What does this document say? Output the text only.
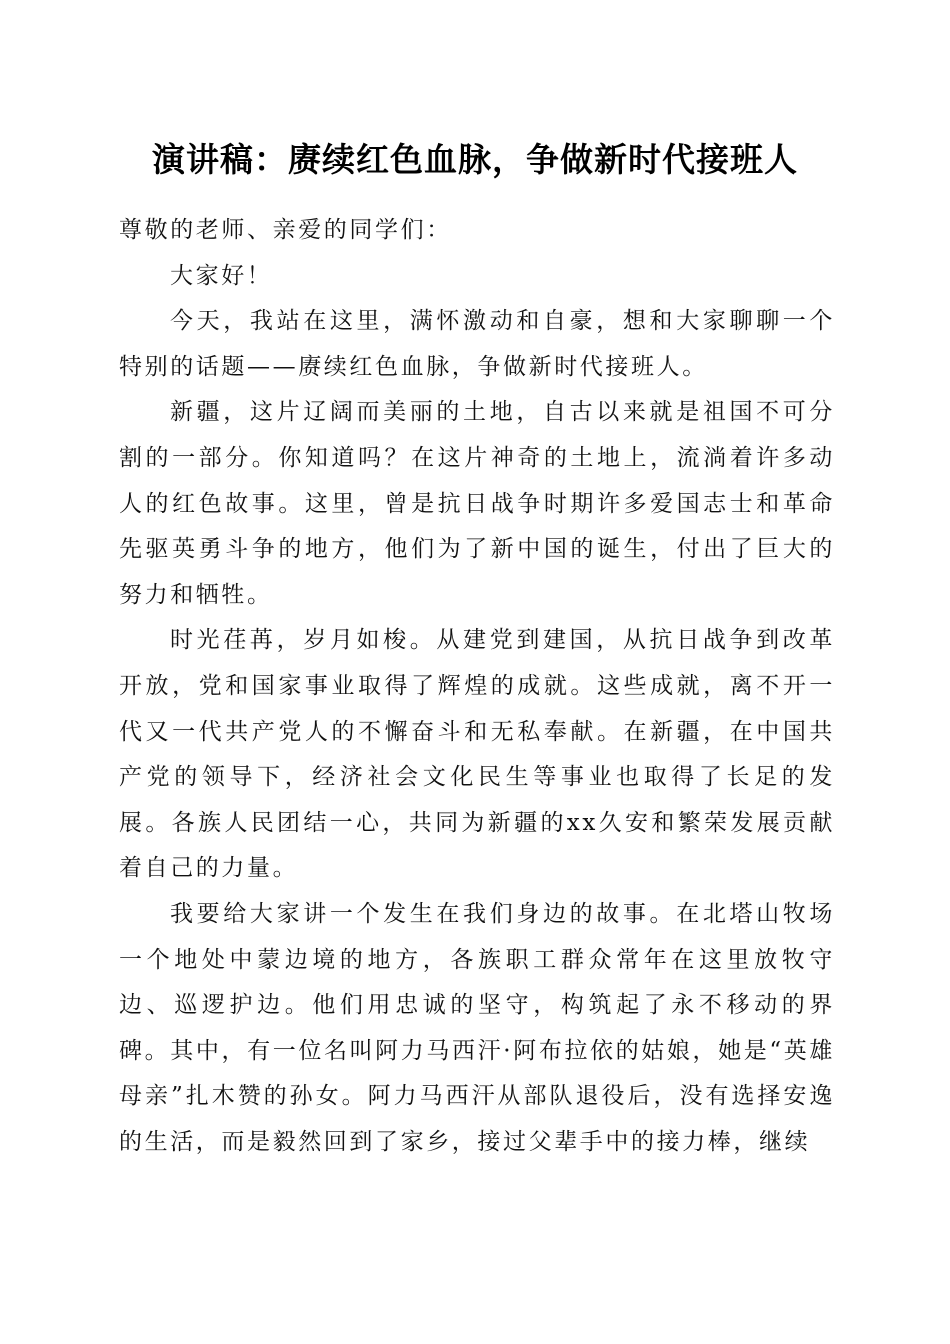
演讲稿：赓续红色血脉，争做新时代接班人

尊敬的老师、亲爱的同学们：

大家好！

今天，我站在这里，满怀激动和自豪，想和大家聊聊一个特别的话题——赓续红色血脉，争做新时代接班人。

新疆，这片辽阔而美丽的土地，自古以来就是祖国不可分割的一部分。你知道吗？在这片神奇的土地上，流淌着许多动人的红色故事。这里，曾是抗日战争时期许多爱国志士和革命先驱英勇斗争的地方，他们为了新中国的诞生，付出了巨大的努力和牺牲。

时光荏苒，岁月如梭。从建党到建国，从抗日战争到改革开放，党和国家事业取得了辉煌的成就。这些成就，离不开一代又一代共产党人的不懈奋斗和无私奉献。在新疆，在中国共产党的领导下，经济社会文化民生等事业也取得了长足的发展。各族人民团结一心，共同为新疆的xx久安和繁荣发展贡献着自己的力量。

我要给大家讲一个发生在我们身边的故事。在北塔山牧场一个地处中蒙边境的地方，各族职工群众常年在这里放牧守边、巡逻护边。他们用忠诚的坚守，构筑起了永不移动的界碑。其中，有一位名叫阿力马西汗·阿布拉依的姑娘，她是“英雄母亲”扎木赞的孙女。阿力马西汗从部队退役后，没有选择安逸的生活，而是毅然回到了家乡，接过父辈手中的接力棒，继续
